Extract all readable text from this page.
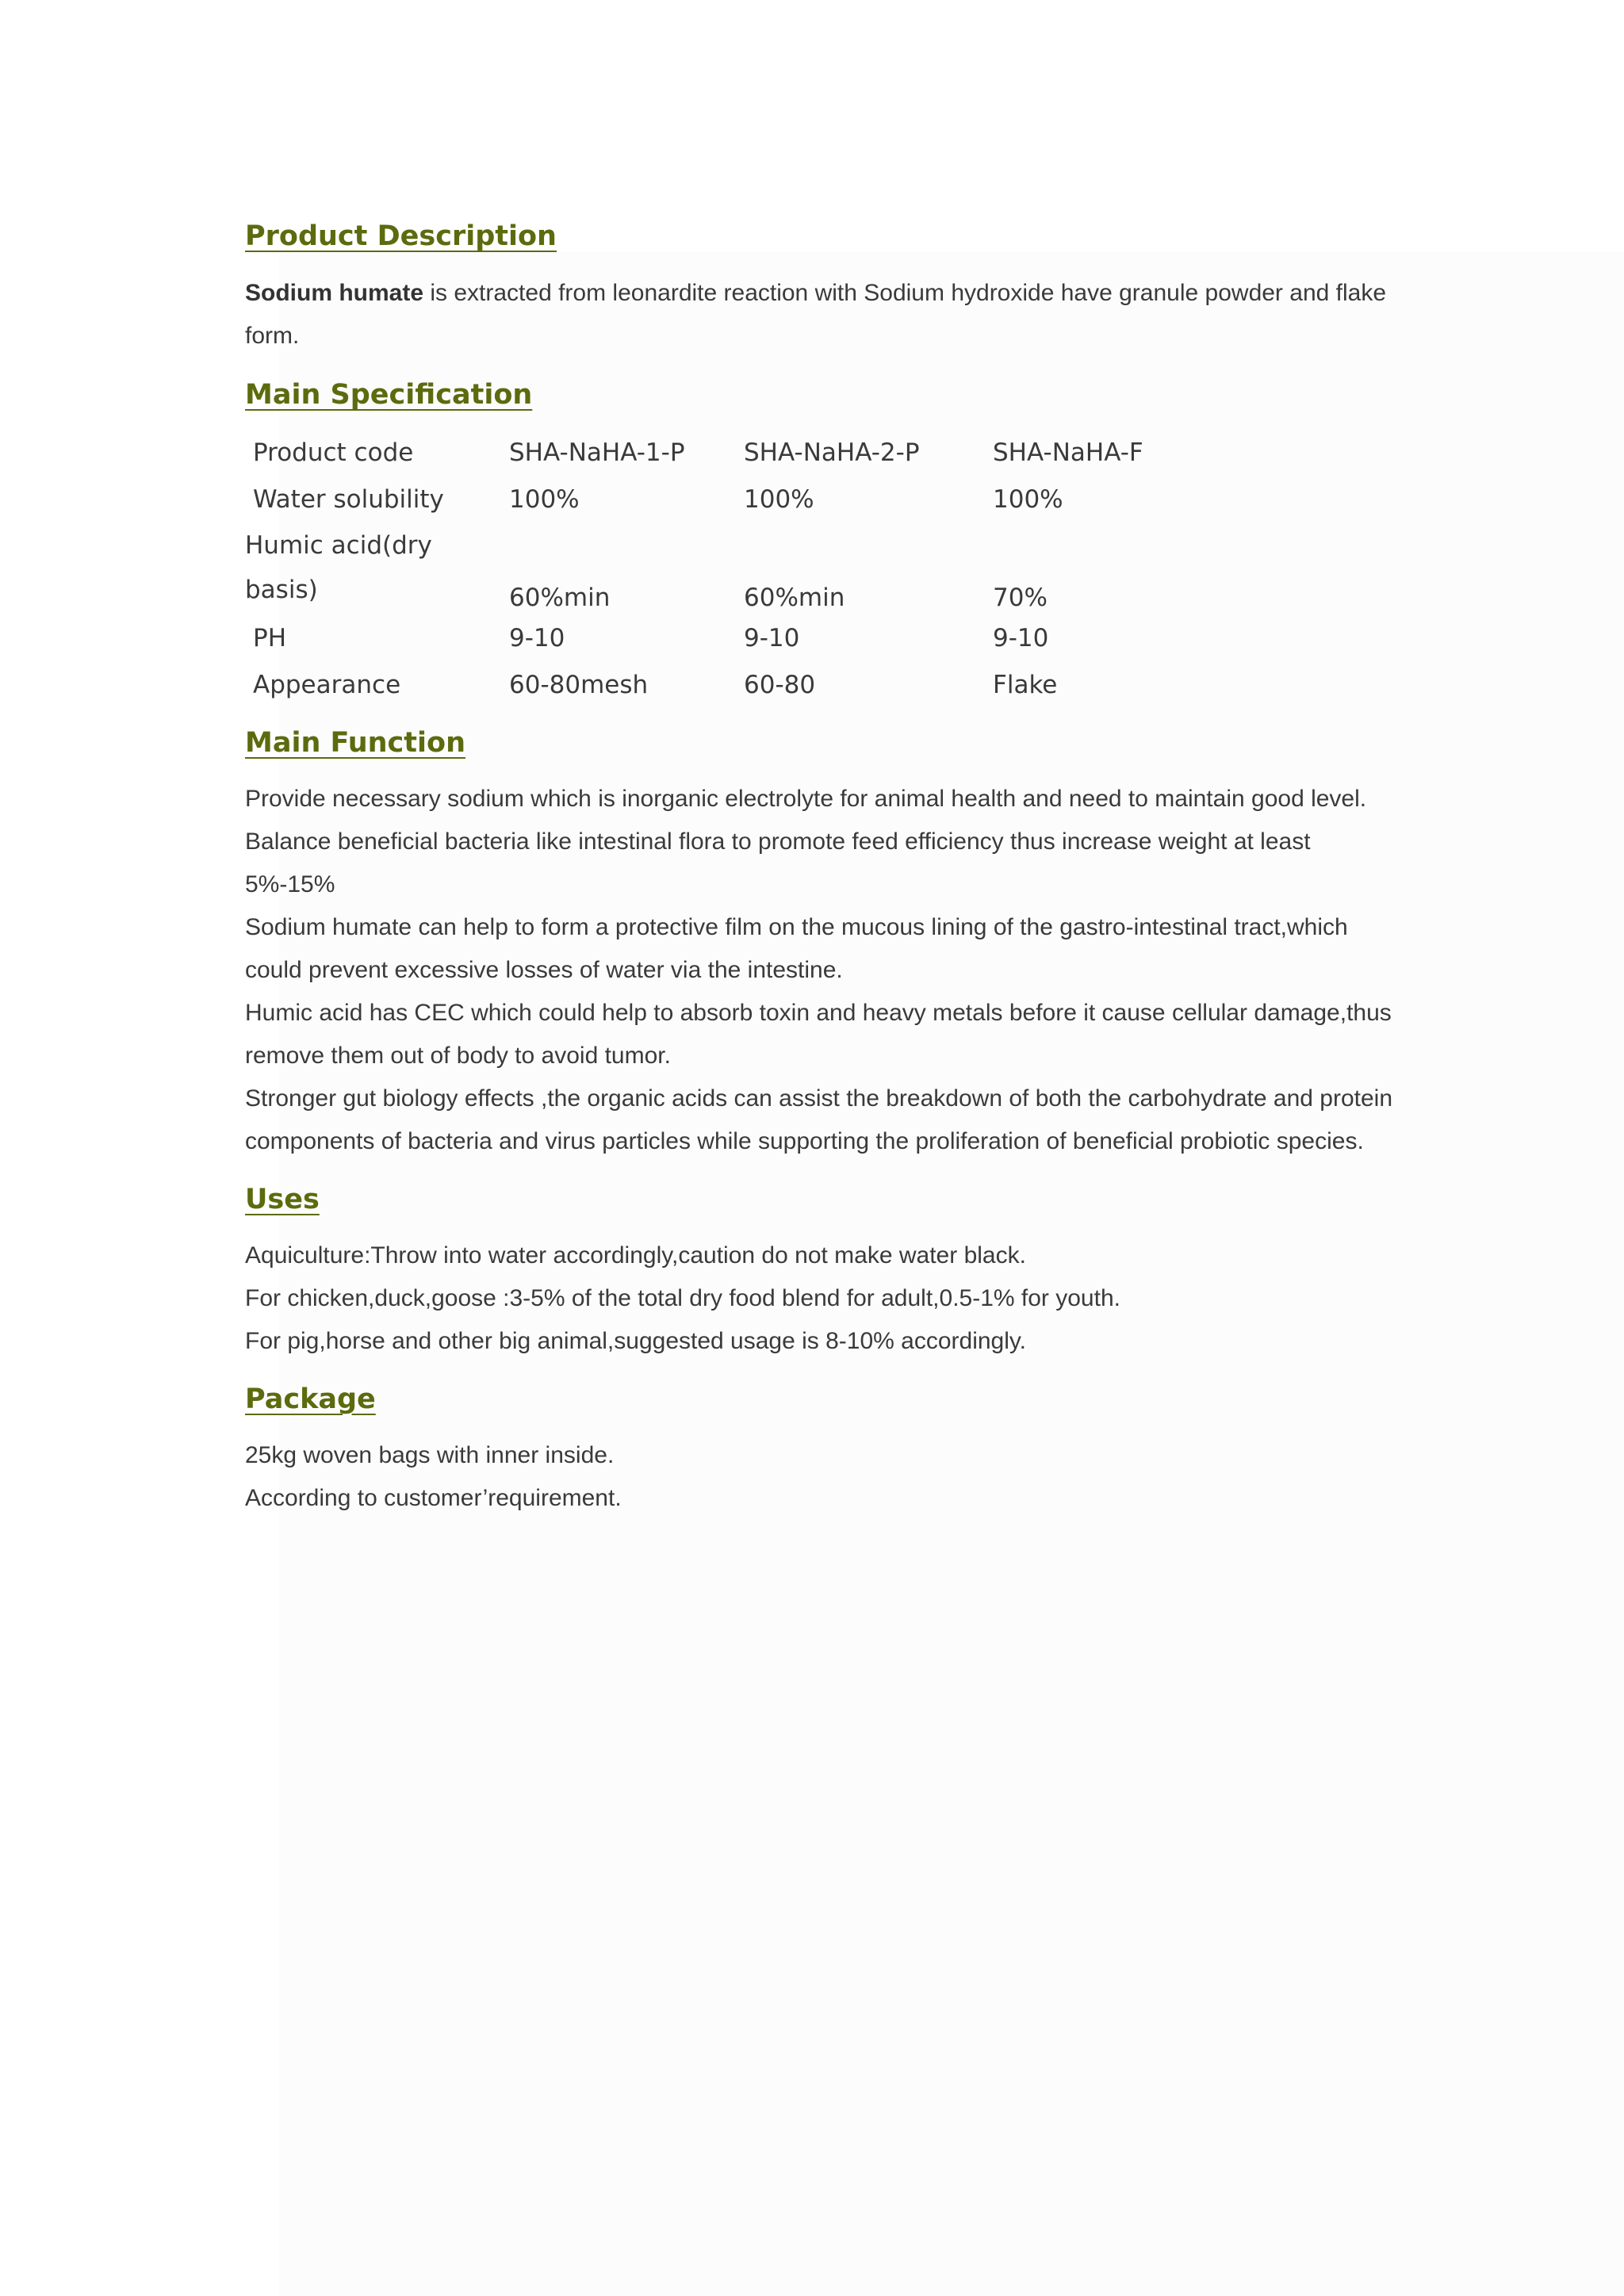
Product Description

Sodium humate is extracted from leonardite reaction with Sodium hydroxide have granule powder and flake form.

Main Specification
Product code	SHA-NaHA-1-P	SHA-NaHA-2-P	SHA-NaHA-F
Water solubility	100%	100%	100%

Humic acid(dry basis)	60%min	60%min	70%
PH	9-10	9-10	9-10
Appearance	60-80mesh	60-80	Flake
Main Function

Provide necessary sodium which is inorganic electrolyte for animal health and need to maintain good level.

Balance beneficial bacteria like intestinal flora to promote feed efficiency thus increase weight at least 5%-15%

Sodium humate can help to form a protective film on the mucous lining of the gastro-intestinal tract,which could prevent excessive losses of water via the intestine.

Humic acid has CEC which could help to absorb toxin and heavy metals before it cause cellular damage,thus remove them out of body to avoid tumor.

Stronger gut biology effects ,the organic acids can assist the breakdown of both the carbohydrate and protein components of bacteria and virus particles while supporting the proliferation of beneficial probiotic species.

Uses

Aquiculture:Throw into water accordingly,caution do not make water black.

For chicken,duck,goose :3-5% of the total dry food blend for adult,0.5-1% for youth.

For pig,horse and other big animal,suggested usage is 8-10% accordingly.

Package

25kg woven bags with inner inside.

According to customer’requirement.
